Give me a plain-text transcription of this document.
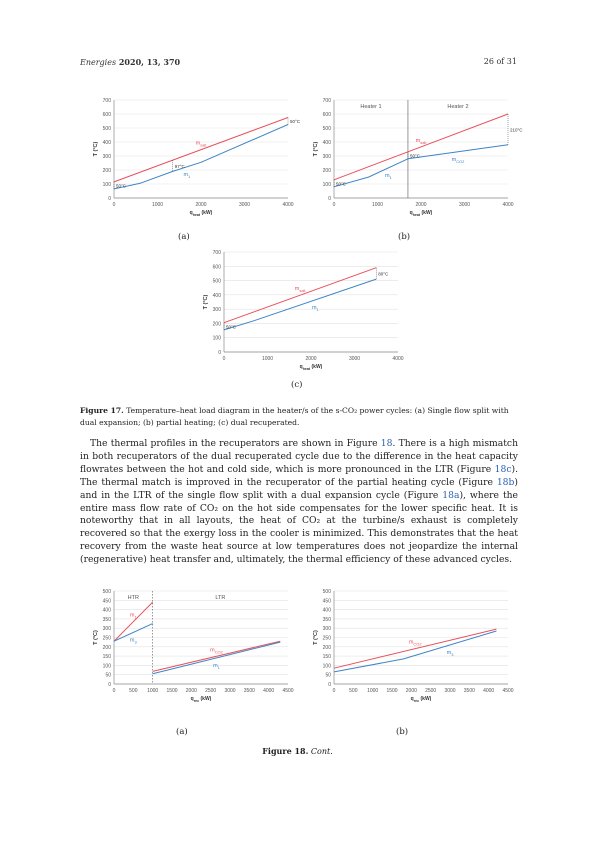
Energies 2020, 13, 370	26 of 31
0
100
200
300
400
500
600
700
0	1000	2000	3000	4000
$q_{heat}$ (kW)
T (°C)	$m_{salt}$
$m_1$
50°C
97°C
50°C
0
100
200
300
400
500
600
700
0	1000	2000	3000	4000
$q_{heat}$ (kW)
T (°C)
Heater 1	Heater 2
$m_{salt}$
$m_{CO2}$
$m_1$
50°C
50°C
210°C
(a)	(b)
0
100
200
300
400
500
600
700
0	1000	2000	3000	4000
$q_{heat}$ (kW)
T (°C)
$m_{salt}$
$m_1$
50°C
80°C
(c)
Figure 17. Temperature–heat load diagram in the heater/s of the s-CO₂ power cycles: (a) Single flow split with dual expansion; (b) partial heating; (c) dual recuperated.
The thermal profiles in the recuperators are shown in Figure 18. There is a high mismatch in both recuperators of the dual recuperated cycle due to the difference in the heat capacity flowrates between the hot and cold side, which is more pronounced in the LTR (Figure 18c). The thermal match is improved in the recuperator of the partial heating cycle (Figure 18b) and in the LTR of the single flow split with a dual expansion cycle (Figure 18a), where the entire mass flow rate of CO₂ on the hot side compensates for the lower specific heat. It is noteworthy that in all layouts, the heat of CO₂ at the turbine/s exhaust is completely recovered so that the exergy loss in the cooler is minimized. This demonstrates that the heat recovery from the waste heat source at low temperatures does not jeopardize the internal (regenerative) heat transfer and, ultimately, the thermal efficiency of these advanced cycles.
0
50
100
150
200
250
300
350
400
450
500
0	500 1000 1500 2000 2500 3000 3500 4000 4500
$q_{rec}$ (kW)
T (°C)
HTR	LTR
$m_1$
$m_3$
$m_{CO2}$
$m_1$
0
50
100
150
200
250
300
350
400
450
500
0	500 1000 1500 2000 2500 3000 3500 4000 4500
$q_{rec}$ (kW)
T (°C)	$m_{CO2}$
$m_3$
(a)	(b)
Figure 18. Cont.
